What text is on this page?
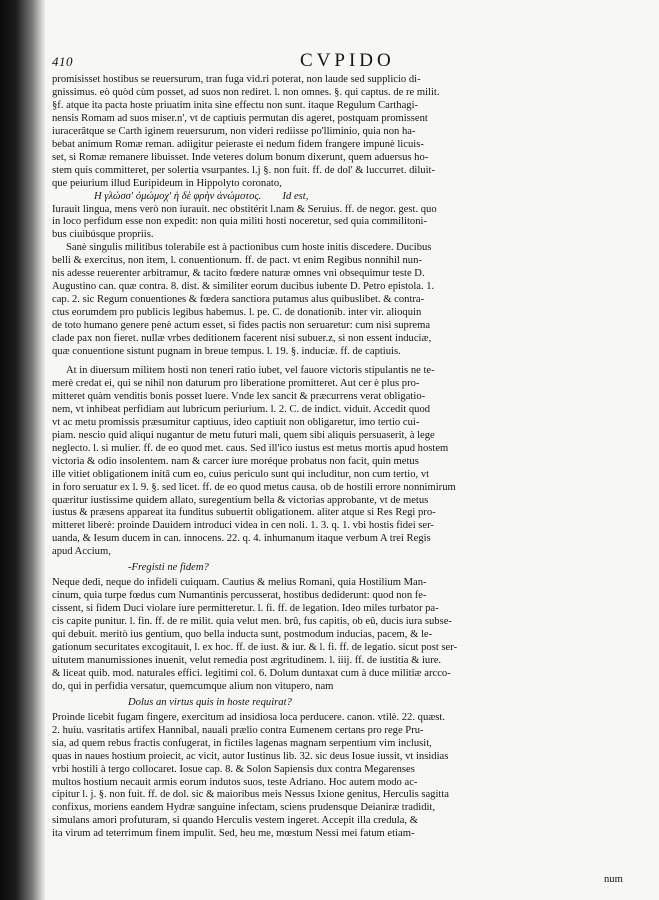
410	CVPIDO

promisisset hostibus se reuersurum, tran fuga vid.ri poterat, non laude sed supplicio di-
gnissimus. eò quòd cùm posset, ad suos non rediret. l. non omnes. §. qui captus. de re milit.
§f. atque ita pacta hoste priuatim inita sine effectu non sunt. itaque Regulum Carthagi-
nensis Romam ad suos miser.n', vt de captiuis permutan dis ageret, postquam promissent
iuracerâtque se Carth iginem reuersurum, non videri rediisse po'lliminio, quia non ha-
bebat animum Romæ reman. adiigitur peieraste ei nedum fidem frangere impunè licuis-
set, si Romæ remanere libuisset. Inde veteres dolum bonum dixerunt, quem aduersus ho-
stem quis committeret, per solertia vsurpantes. l.j §. non fuit. ff. de dol' & luccurret. diluit-
que peiurium illud Euripideum in Hippolyto coronato,
Η γλώσσ' ὀμώμοχ' ἡ δὲ φρὴν ἀνώμοτος. Id est,
Iurauit lingua, mens verò non iurauit. nec obstitérit l.nam & Seruius. ff. de negor. gest. quo
in loco perfidum esse non expedit: non quia militi hosti noceretur, sed quia commilitoni-
bus ciuibúsque propriis.

Sanè singulis militibus tolerabile est à pactionibus cum hoste initis discedere. Ducibus
belli & exercitus, non item, l. conuentionum. ff. de pact. vt enim Regibus nonnihil nun-
nis adesse reuerenter arbitramur, & tacito fœdere naturæ omnes vni obsequimur teste D.
Augustino can. quæ contra. 8. dist. & similiter eorum ducibus iubente D. Petro epistola. 1.
cap. 2. sic Regum conuentiones & fœdera sanctiora putamus alus quibuslibet. & contra-
ctus eorumdem pro publicis legibus habemus. l. pe. C. de donationib. inter vir. alioquin
de toto humano genere penè actum esset, si fides pactis non seruaretur: cum nisi suprema
clade pax non fieret. nullæ vrbes deditionem facerent nisi subuer.z, si non essent induciæ,
quæ conuentione sistunt pugnam in breue tempus. l. 19. §. induciæ. ff. de captiuis.

At in diuersum militem hosti non teneri ratio iubet, vel fauore victoris stipulantis ne te-
merè credat ei, qui se nihil non daturum pro liberatione promitteret. Aut cer è plus pro-
mitteret quàm venditis bonis posset luere. Vnde lex sancit & præcurrens verat obligatio-
nem, vt inhibeat perfidiam aut lubricum periurium. l. 2. C. de indict. viduit. Accedit quod
vt ac metu promissis præsumitur captiuus, ideo captiuit non obligaretur, imo tertio cui-
piam. nescio quid aliqui nugantur de metu futuri mali, quem sibi aliquis persuaserit, à lege
neglecto. l. si mulier. ff. de eo quod met. caus. Sed ill'ico iustus est metus mortis apud hostem
victoria & odio insolentem. nam & carcer iure moréque probatus non facit, quin metus
ille vitiet obligationem initâ cum eo, cuius periculo sunt qui includitur, non cum tertio, vt
in foro seruatur ex l. 9. §. sed licet. ff. de eo quod metus causa. ob de hostili errore nonnimirum
quæritur iustissime quidem allato, suregentium bella & victorias approbante, vt de metus
iustus & præsens appareat ita funditus subuertit obligationem. aliter atque si Res Regi pro-
mitteret liberè: proinde Dauidem introduci videa in cen noli. 1. 3. q. 1. vbi hostis fidei ser-
uanda, & Iesum ducem in can. innocens. 22. q. 4. inhumanum itaque verbum A trei Regis
apud Accium,

-Fregisti ne fidem?

Neque dedi, neque do infideli cuiquam. Cautius & melius Romani, quia Hostilium Man-
cinum, quia turpe fœdus cum Numantinis percusserat, hostibus dediderunt: quod non fe-
cissent, si fidem Duci violare iure permitteretur. l. fi. ff. de legation. Ideo miles turbator pa-
cis capite punitur. l. fin. ff. de re milit. quia velut men. brû, fus capitis, ob eû, ducis iura subse-
qui debuit. meritò ius gentium, quo bella inducta sunt, postmodum inducias, pacem, & le-
gationum securitates excogitauit, l. ex hoc. ff. de iust. & iur. & l. fi. ff. de legatio. sicut post ser-
uitutem manumissiones inuenit, velut remedia post ægritudinem. l. iiij. ff. de iustitia & iure.
& liceat quib. mod. naturales effici. legitimi col. 6. Dolum duntaxat cum à duce militiæ arcco-
do, qui in perfidia versatur, quemcumque alium non vitupero, nam

Dolus an virtus quis in hoste requirat?

Proinde licebit fugam fingere, exercitum ad insidiosa loca perducere. canon. vtilè. 22. quæst.
2. huiu. vasritatis artifex Hannibal, nauali prælio contra Eumenem certans pro rege Pru-
sia, ad quem rebus fractis confugerat, in fictiles lagenas magnam serpentium vim inclusit,
quas in naues hostium proiecit, ac vicit, autor Iustinus lib. 32. sic deus Iosue iussit, vt insidias
vrbi hostili à tergo collocaret. Iosue cap. 8. & Solon Sapiensis dux contra Megarenses
multos hostium necauit armis eorum indutos suos, teste Adriano. Hoc autem modo ac-
cipitur l. j. §. non fuit. ff. de dol. sic & maioribus meis Nessus Ixione genitus, Herculis sagitta
confixus, moriens eandem Hydræ sanguine infectam, sciens prudensque Deianiræ tradidit,
simulans amori profuturam, si quando Herculis vestem ingeret. Accepit illa credula, &
ita virum ad teterrimum finem impulit. Sed, heu me, mœstum Nessi mei fatum etiam-

num
